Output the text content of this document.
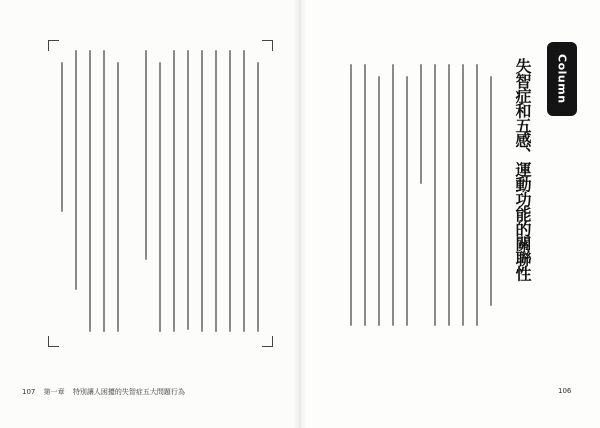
107 第一章 特別讓人困擾的失智症五大問題行為	106
失智症和五感、運動功能的關聯性	Column
